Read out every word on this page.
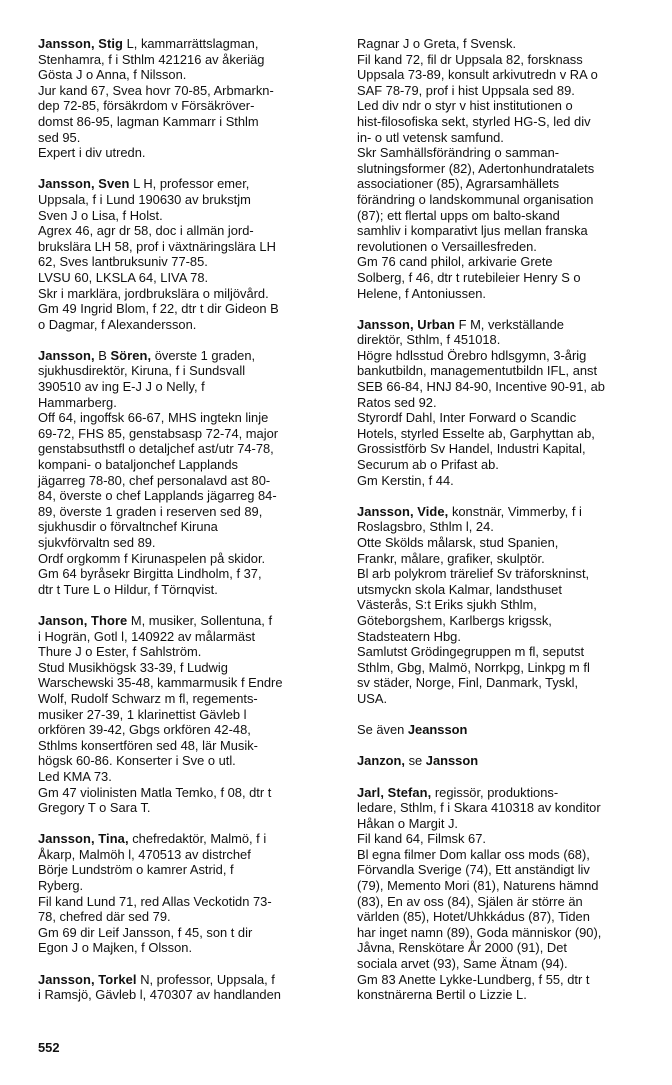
Jansson, Stig L, kammarrättslagman,
Stenhamra, f i Sthlm 421216 av åkeriäg
Gösta J o Anna, f Nilsson.
Jur kand 67, Svea hovr 70-85, Arbmarkn-
dep 72-85, försäkrdom v Försäkröver-
domst 86-95, lagman Kammarr i Sthlm
sed 95.
Expert i div utredn.
Jansson, Sven L H, professor emer,
Uppsala, f i Lund 190630 av brukstjm
Sven J o Lisa, f Holst.
Agrex 46, agr dr 58, doc i allmän jord-
brukslära LH 58, prof i växtnäringslära LH
62, Sves lantbruksuniv 77-85.
LVSU 60, LKSLA 64, LIVA 78.
Skr i marklära, jordbrukslära o miljövård.
Gm 49 Ingrid Blom, f 22, dtr t dir Gideon B
o Dagmar, f Alexandersson.
Jansson, B Sören, överste 1 graden,
sjukhusdirektör, Kiruna, f i Sundsvall
390510 av ing E-J J o Nelly, f
Hammarberg.
Off 64, ingoffsk 66-67, MHS ingtekn linje
69-72, FHS 85, genstabsasp 72-74, major
genstabsuthstfl o detaljchef ast/utr 74-78,
kompani- o bataljonchef Lapplands
jägarreg 78-80, chef personalavd ast 80-
84, överste o chef Lapplands jägarreg 84-
89, överste 1 graden i reserven sed 89,
sjukhusdir o förvaltnchef Kiruna
sjukvförvaltn sed 89.
Ordf orgkomm f Kirunaspelen på skidor.
Gm 64 byråsekr Birgitta Lindholm, f 37,
dtr t Ture L o Hildur, f Törnqvist.
Janson, Thore M, musiker, Sollentuna, f
i Hogrän, Gotl l, 140922 av målarmäst
Thure J o Ester, f Sahlström.
Stud Musikhögsk 33-39, f Ludwig
Warschewski 35-48, kammarmusik f Endre
Wolf, Rudolf Schwarz m fl, regements-
musiker 27-39, 1 klarinettist Gävleb l
orkfören 39-42, Gbgs orkfören 42-48,
Sthlms konsertfören sed 48, lär Musik-
högsk 60-86. Konserter i Sve o utl.
Led KMA 73.
Gm 47 violinisten Matla Temko, f 08, dtr t
Gregory T o Sara T.
Jansson, Tina, chefredaktör, Malmö, f i
Åkarp, Malmöh l, 470513 av distrchef
Börje Lundström o kamrer Astrid, f
Ryberg.
Fil kand Lund 71, red Allas Veckotidn 73-
78, chefred där sed 79.
Gm 69 dir Leif Jansson, f 45, son t dir
Egon J o Majken, f Olsson.
Jansson, Torkel N, professor, Uppsala, f
i Ramsjö, Gävleb l, 470307 av handlanden
Ragnar J o Greta, f Svensk.
Fil kand 72, fil dr Uppsala 82, forsknass
Uppsala 73-89, konsult arkivutredn v RA o
SAF 78-79, prof i hist Uppsala sed 89.
Led div ndr o styr v hist institutionen o
hist-filosofiska sekt, styrled HG-S, led div
in- o utl vetensk samfund.
Skr Samhällsförändring o samman-
slutningsformer (82), Adertonhundratalets
associationer (85), Agrarsamhällets
förändring o landskommunal organisation
(87); ett flertal upps om balto-skand
samhliv i komparativt ljus mellan franska
revolutionen o Versaillesfreden.
Gm 76 cand philol, arkivarie Grete
Solberg, f 46, dtr t rutebileier Henry S o
Helene, f Antoniussen.
Jansson, Urban F M, verkställande
direktör, Sthlm, f 451018.
Högre hdlsstud Örebro hdlsgymn, 3-årig
bankutbildn, managementutbildn IFL, anst
SEB 66-84, HNJ 84-90, Incentive 90-91, ab
Ratos sed 92.
Styrordf Dahl, Inter Forward o Scandic
Hotels, styrled Esselte ab, Garphyttan ab,
Grossistförb Sv Handel, Industri Kapital,
Securum ab o Prifast ab.
Gm Kerstin, f 44.
Jansson, Vide, konstnär, Vimmerby, f i
Roslagsbro, Sthlm l, 24.
Otte Skölds målarsk, stud Spanien,
Frankr, målare, grafiker, skulptör.
Bl arb polykrom trärelief Sv träforskninst,
utsmyckn skola Kalmar, landsthuset
Västerås, S:t Eriks sjukh Sthlm,
Göteborgshem, Karlbergs krigssk,
Stadsteatern Hbg.
Samlutst Grödingegruppen m fl, seputst
Sthlm, Gbg, Malmö, Norrkpg, Linkpg m fl
sv städer, Norge, Finl, Danmark, Tyskl,
USA.
Se även Jeansson
Janzon, se Jansson
Jarl, Stefan, regissör, produktions-
ledare, Sthlm, f i Skara 410318 av konditor
Håkan o Margit J.
Fil kand 64, Filmsk 67.
Bl egna filmer Dom kallar oss mods (68),
Förvandla Sverige (74), Ett anständigt liv
(79), Memento Mori (81), Naturens hämnd
(83), En av oss (84), Själen är större än
världen (85), Hotet/Uhkkádus (87), Tiden
har inget namn (89), Goda människor (90),
Jåvna, Renskötare År 2000 (91), Det
sociala arvet (93), Same Ätnam (94).
Gm 83 Anette Lykke-Lundberg, f 55, dtr t
konstnärerna Bertil o Lizzie L.
552
